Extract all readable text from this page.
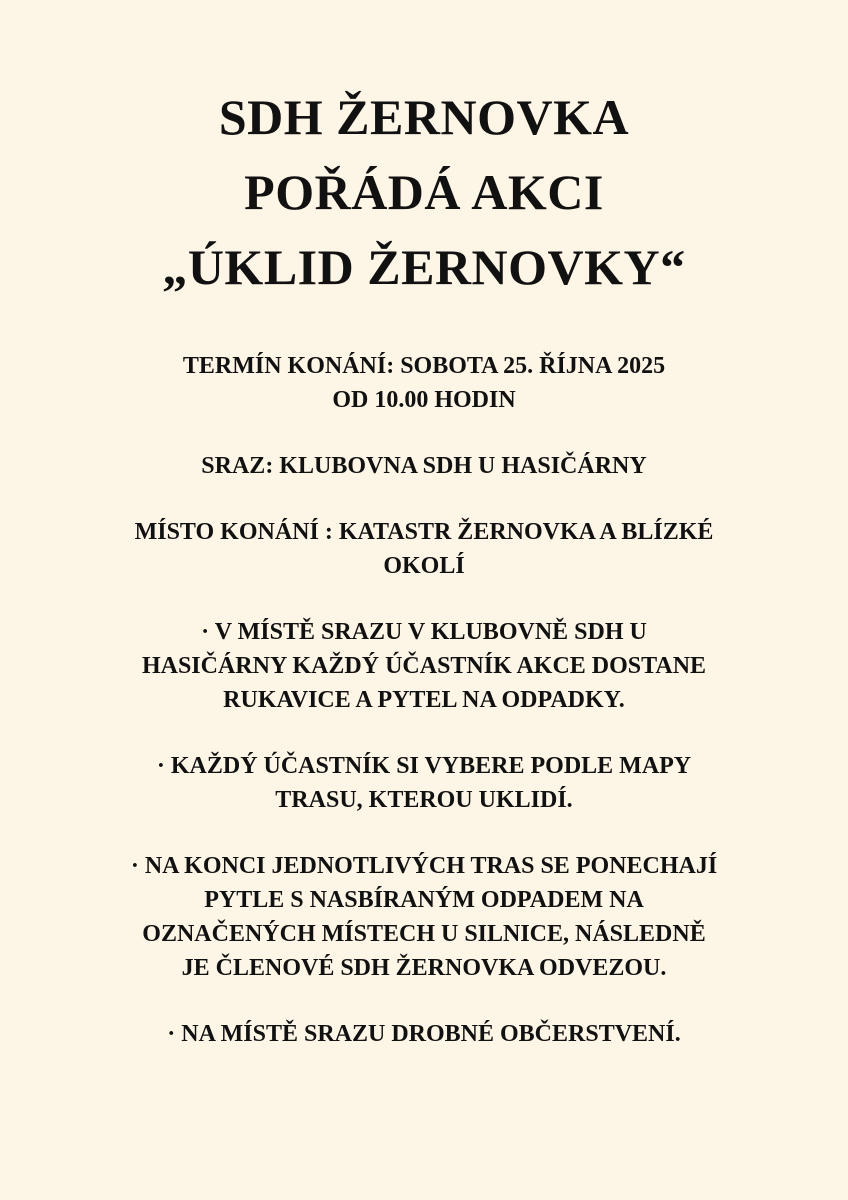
SDH ŽERNOVKA
POŘÁDÁ AKCI
„ÚKLID ŽERNOVKY“

TERMÍN KONÁNÍ: SOBOTA 25. ŘÍJNA 2025
OD 10.00 HODIN

SRAZ: KLUBOVNA SDH U HASIČÁRNY

MÍSTO KONÁNÍ : KATASTR ŽERNOVKA A BLÍZKÉ
OKOLÍ

· V MÍSTĚ SRAZU V KLUBOVNĚ SDH U
HASIČÁRNY KAŽDÝ ÚČASTNÍK AKCE DOSTANE
RUKAVICE A PYTEL NA ODPADKY.

· KAŽDÝ ÚČASTNÍK SI VYBERE PODLE MAPY
TRASU, KTEROU UKLIDÍ.

· NA KONCI JEDNOTLIVÝCH TRAS SE PONECHAJÍ
PYTLE S NASBÍRANÝM ODPADEM NA
OZNAČENÝCH MÍSTECH U SILNICE, NÁSLEDNĚ
JE ČLENOVÉ SDH ŽERNOVKA ODVEZOU.

· NA MÍSTĚ SRAZU DROBNÉ OBČERSTVENÍ.
